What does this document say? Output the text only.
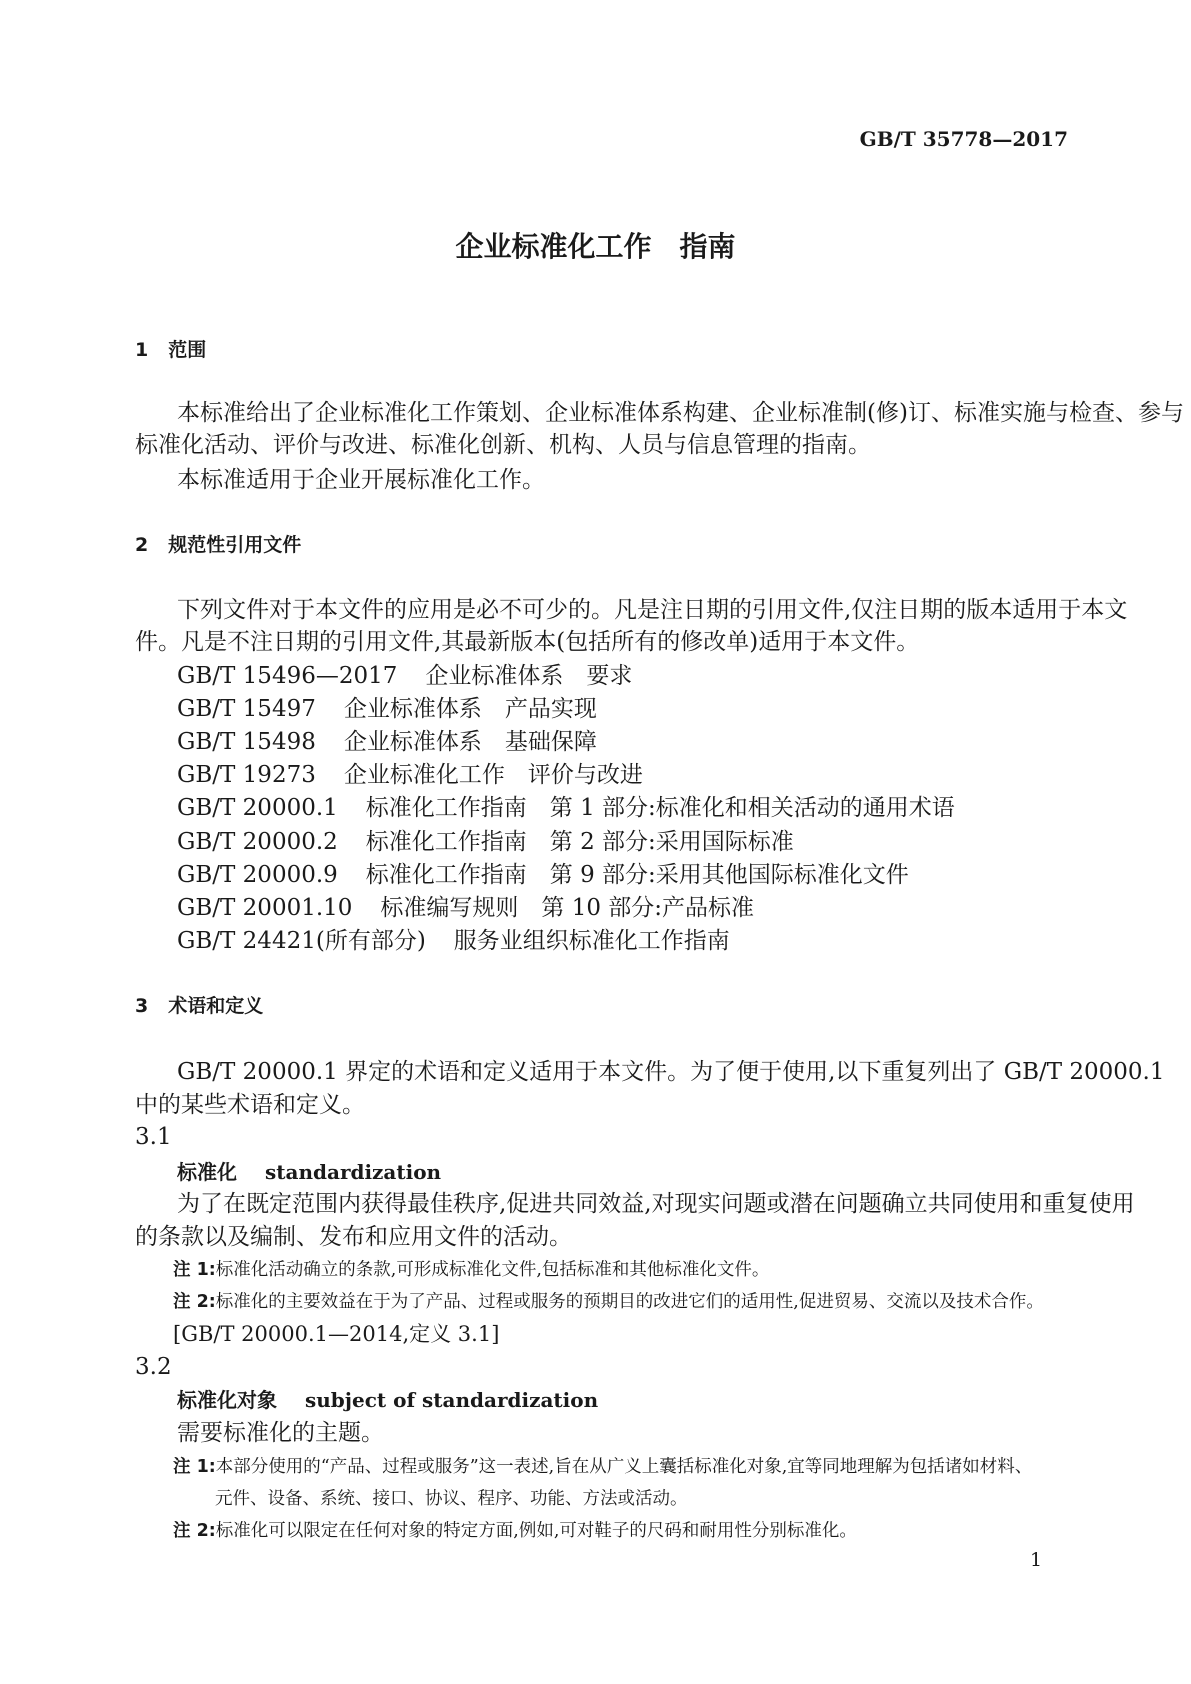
GB/T 35778—2017
企业标准化工作 指南
1 范围
本标准给出了企业标准化工作策划、企业标准体系构建、企业标准制(修)订、标准实施与检查、参与
标准化活动、评价与改进、标准化创新、机构、人员与信息管理的指南。
本标准适用于企业开展标准化工作。
2 规范性引用文件
下列文件对于本文件的应用是必不可少的。凡是注日期的引用文件,仅注日期的版本适用于本文
件。凡是不注日期的引用文件,其最新版本(包括所有的修改单)适用于本文件。
GB/T 15496—2017 企业标准体系　要求
GB/T 15497 企业标准体系　产品实现
GB/T 15498 企业标准体系　基础保障
GB/T 19273 企业标准化工作　评价与改进
GB/T 20000.1 标准化工作指南　第 1 部分:标准化和相关活动的通用术语
GB/T 20000.2 标准化工作指南　第 2 部分:采用国际标准
GB/T 20000.9 标准化工作指南　第 9 部分:采用其他国际标准化文件
GB/T 20001.10 标准编写规则　第 10 部分:产品标准
GB/T 24421(所有部分) 服务业组织标准化工作指南
3 术语和定义
GB/T 20000.1 界定的术语和定义适用于本文件。为了便于使用,以下重复列出了 GB/T 20000.1
中的某些术语和定义。
3.1
标准化 standardization
为了在既定范围内获得最佳秩序,促进共同效益,对现实问题或潜在问题确立共同使用和重复使用
的条款以及编制、发布和应用文件的活动。
注 1:标准化活动确立的条款,可形成标准化文件,包括标准和其他标准化文件。
注 2:标准化的主要效益在于为了产品、过程或服务的预期目的改进它们的适用性,促进贸易、交流以及技术合作。
[GB/T 20000.1—2014,定义 3.1]
3.2
标准化对象 subject of standardization
需要标准化的主题。
注 1:本部分使用的“产品、过程或服务”这一表述,旨在从广义上囊括标准化对象,宜等同地理解为包括诸如材料、
元件、设备、系统、接口、协议、程序、功能、方法或活动。
注 2:标准化可以限定在任何对象的特定方面,例如,可对鞋子的尺码和耐用性分别标准化。
1
